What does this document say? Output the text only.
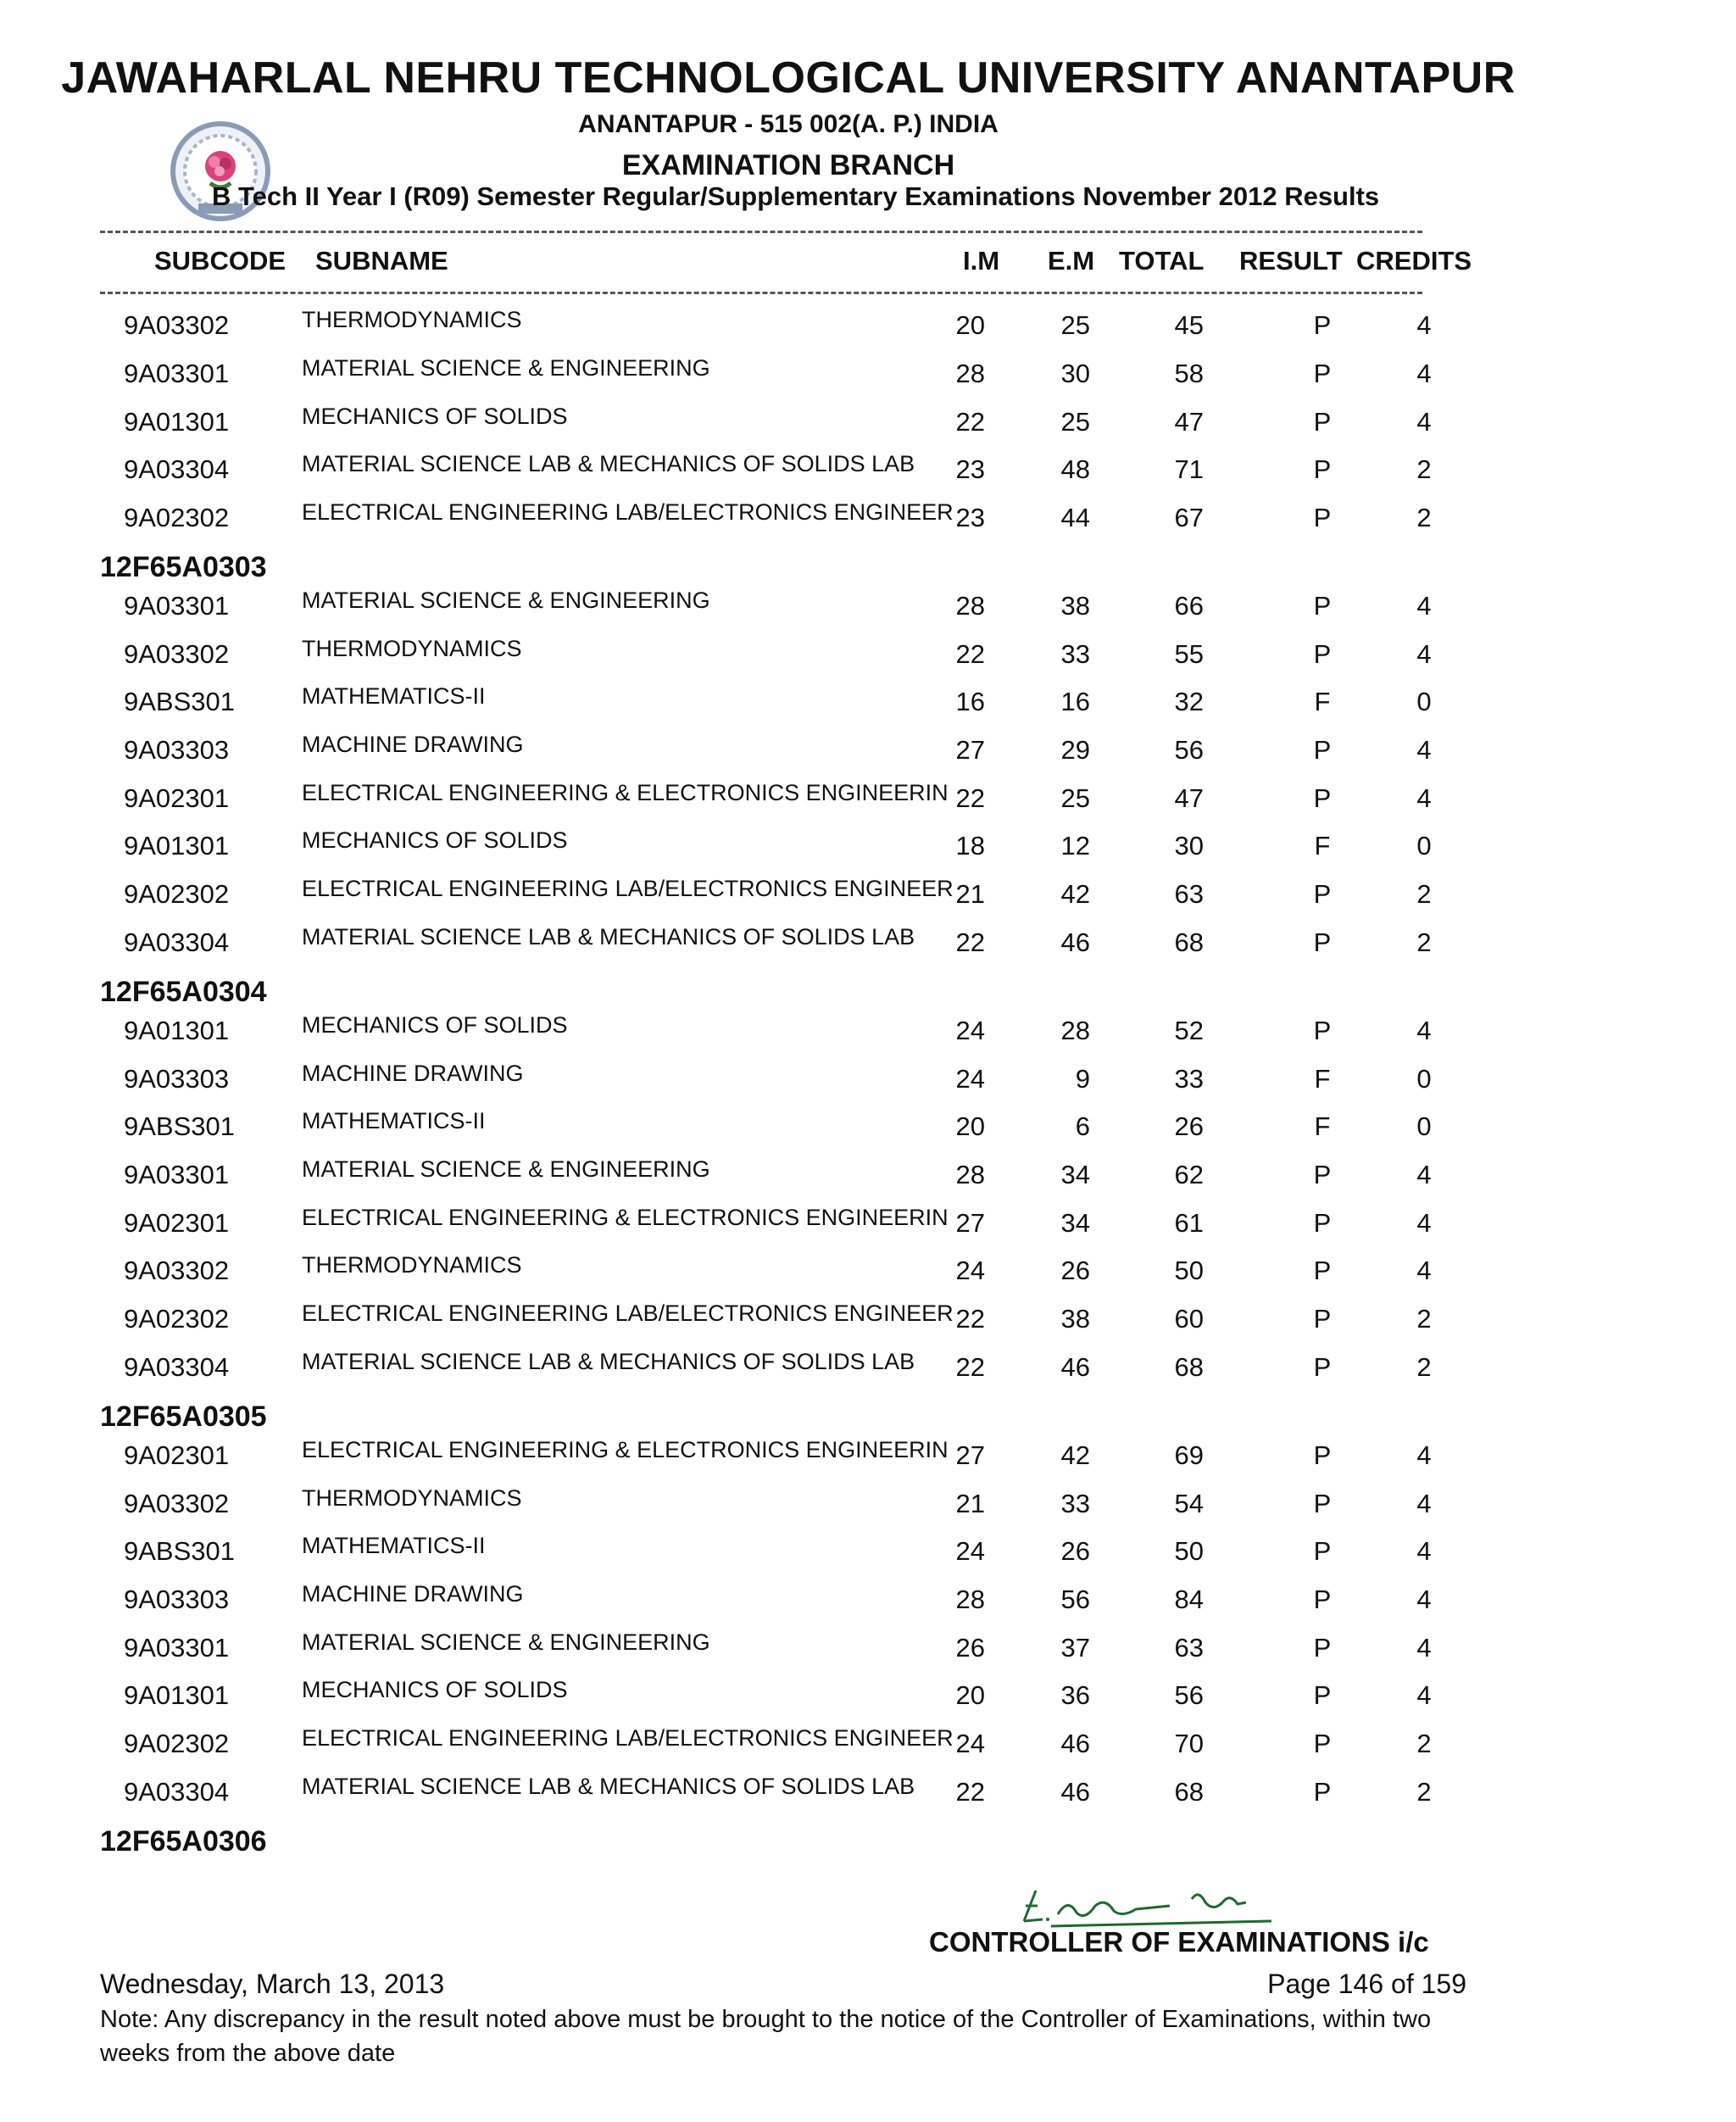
JAWAHARLAL NEHRU TECHNOLOGICAL UNIVERSITY ANANTAPUR
ANANTAPUR - 515 002(A. P.) INDIA
EXAMINATION BRANCH
B Tech II Year I (R09) Semester Regular/Supplementary Examinations November 2012 Results
SUBCODE SUBNAME	I.M E.M TOTAL RESULT CREDITS
9A03302	THERMODYNAMICS	20	25	45	P	4
9A03301	MATERIAL SCIENCE & ENGINEERING	28	30	58	P	4
9A01301	MECHANICS OF SOLIDS	22	25	47	P	4
9A03304	MATERIAL SCIENCE LAB & MECHANICS OF SOLIDS LAB	23	48	71	P	2
9A02302	ELECTRICAL ENGINEERING LAB/ELECTRONICS ENGINEER 23	44	67	P	2
12F65A0303
9A03301	MATERIAL SCIENCE & ENGINEERING	28	38	66	P	4
9A03302	THERMODYNAMICS	22	33	55	P	4
9ABS301	MATHEMATICS-II	16	16	32	F	0
9A03303	MACHINE DRAWING	27	29	56	P	4
9A02301	ELECTRICAL ENGINEERING & ELECTRONICS ENGINEERIN 22	25	47	P	4
9A01301	MECHANICS OF SOLIDS	18	12	30	F	0
9A02302	ELECTRICAL ENGINEERING LAB/ELECTRONICS ENGINEER 21	42	63	P	2
9A03304	MATERIAL SCIENCE LAB & MECHANICS OF SOLIDS LAB	22	46	68	P	2
12F65A0304
9A01301	MECHANICS OF SOLIDS	24	28	52	P	4
9A03303	MACHINE DRAWING	24	9	33	F	0
9ABS301	MATHEMATICS-II	20	6	26	F	0
9A03301	MATERIAL SCIENCE & ENGINEERING	28	34	62	P	4
9A02301	ELECTRICAL ENGINEERING & ELECTRONICS ENGINEERIN 27	34	61	P	4
9A03302	THERMODYNAMICS	24	26	50	P	4
9A02302	ELECTRICAL ENGINEERING LAB/ELECTRONICS ENGINEER 22	38	60	P	2
9A03304	MATERIAL SCIENCE LAB & MECHANICS OF SOLIDS LAB	22	46	68	P	2
12F65A0305
9A02301	ELECTRICAL ENGINEERING & ELECTRONICS ENGINEERIN 27	42	69	P	4
9A03302	THERMODYNAMICS	21	33	54	P	4
9ABS301	MATHEMATICS-II	24	26	50	P	4
9A03303	MACHINE DRAWING	28	56	84	P	4
9A03301	MATERIAL SCIENCE & ENGINEERING	26	37	63	P	4
9A01301	MECHANICS OF SOLIDS	20	36	56	P	4
9A02302	ELECTRICAL ENGINEERING LAB/ELECTRONICS ENGINEER 24	46	70	P	2
9A03304	MATERIAL SCIENCE LAB & MECHANICS OF SOLIDS LAB	22	46	68	P	2
12F65A0306
CONTROLLER OF EXAMINATIONS i/c
Wednesday, March 13, 2013	Page 146 of 159
Note: Any discrepancy in the result noted above must be brought to the notice of the Controller of Examinations, within two weeks from the above date
